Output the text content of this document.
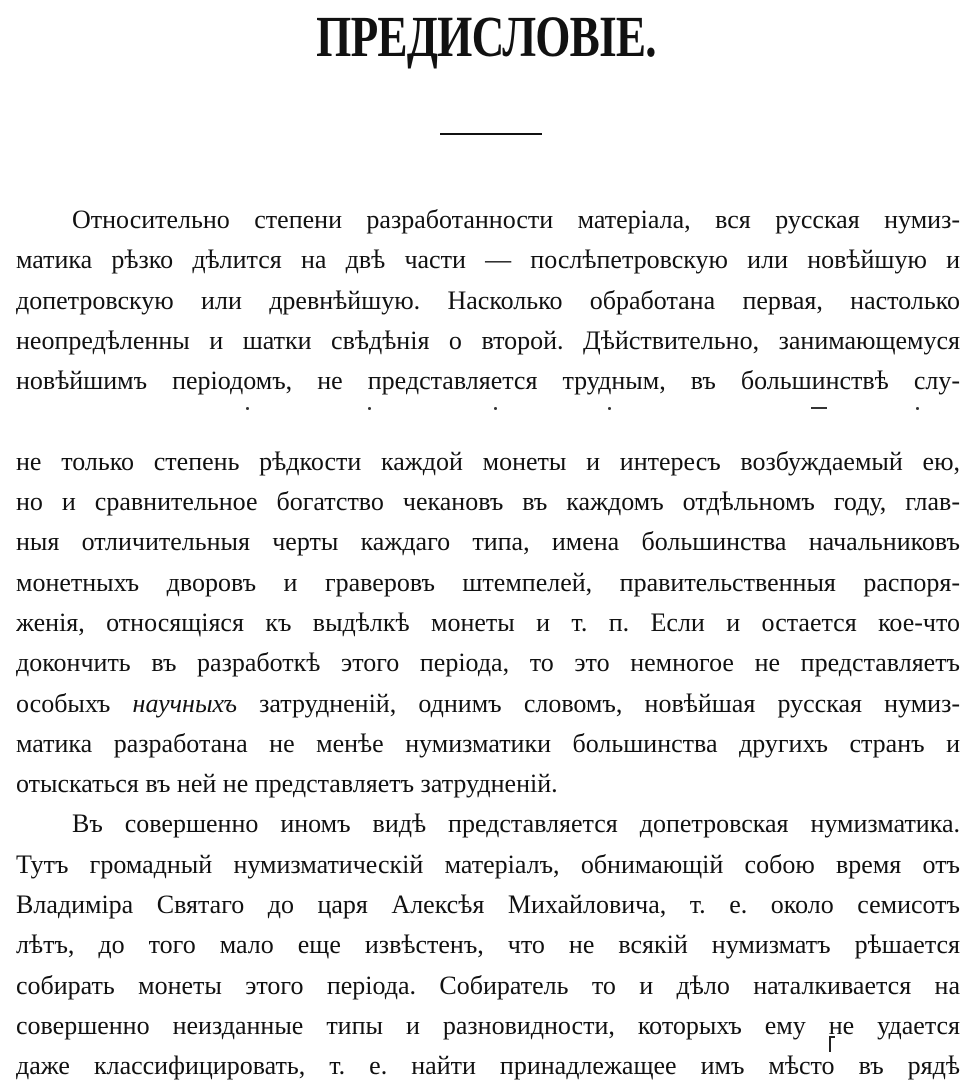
ПРЕДИСЛОВІЕ.
Относительно степени разработанности матеріала, вся русская нумиз-
матика рѣзко дѣлится на двѣ части — послѣпетровскую или новѣйшую и
допетровскую или древнѣйшую. Насколько обработана первая, настолько
неопредѣленны и шатки свѣдѣнія о второй. Дѣйствительно, занимающемуся
новѣйшимъ періодомъ, не представляется трудным, въ большинствѣ слу-
не только степень рѣдкости каждой монеты и интересъ возбуждаемый ею,
но и сравнительное богатство чекановъ въ каждомъ отдѣльномъ году, глав-
ныя отличительныя черты каждаго типа, имена большинства начальниковъ
монетныхъ дворовъ и граверовъ штемпелей, правительственныя распоря-
женія, относящіяся къ выдѣлкѣ монеты и т. п. Если и остается кое-что
докончить въ разработкѣ этого періода, то это немногое не представляетъ
особыхъ научныхъ затрудненій, однимъ словомъ, новѣйшая русская нумиз-
матика разработана не менѣе нумизматики большинства другихъ странъ и
отыскаться въ ней не представляетъ затрудненій.
Въ совершенно иномъ видѣ представляется допетровская нумизматика.
Тутъ громадный нумизматическій матеріалъ, обнимающій собою время отъ
Владиміра Святаго до царя Алексѣя Михайловича, т. е. около семисотъ
лѣтъ, до того мало еще извѣстенъ, что не всякій нумизматъ рѣшается
собирать монеты этого періода. Собиратель то и дѣло наталкивается на
совершенно неизданные типы и разновидности, которыхъ ему не удается
даже классифицировать, т. е. найти принадлежащее имъ мѣсто въ рядѣ
